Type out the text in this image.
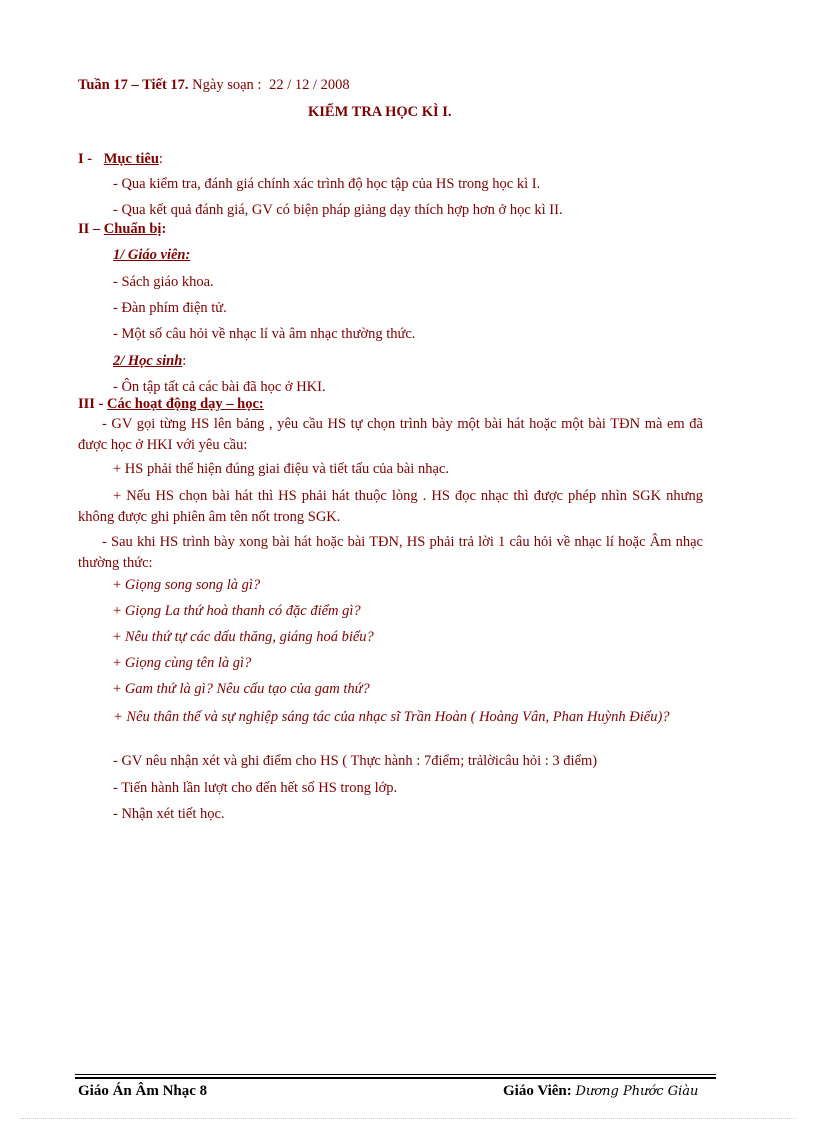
Tuần 17 – Tiết 17. Ngày soạn : 22 / 12 / 2008
KIỂM TRA HỌC KÌ I.
I - Mục tiêu:
- Qua kiểm tra, đánh giá chính xác trình độ học tập của HS trong học kì I.
- Qua kết quả đánh giá, GV có biện pháp giảng dạy thích hợp hơn ở học kì II.
II – Chuẩn bị:
1/ Giáo viên:
- Sách giáo khoa.
- Đàn phím điện tử.
- Một số câu hỏi về nhạc lí và âm nhạc thường thức.
2/ Học sinh:
- Ôn tập tất cả các bài đã học ở HKI.
III - Các hoạt động dạy – học:
- GV gọi từng HS lên bảng , yêu cầu HS tự chọn trình bày một bài hát hoặc một bài TĐN mà em đã được học ở HKI với yêu cầu:
+ HS phải thể hiện đúng giai điệu và tiết tấu của bài nhạc.
+ Nếu HS chọn bài hát thì HS phải hát thuộc lòng . HS đọc nhạc thì được phép nhìn SGK nhưng không được ghi phiên âm tên nốt trong SGK.
- Sau khi HS trình bày xong bài hát hoặc bài TĐN, HS phải trả lời 1 câu hỏi về nhạc lí hoặc Âm nhạc thường thức:
+ Giọng song song là gì?
+ Giọng La thứ hoà thanh có đặc điểm gì?
+ Nêu thứ tự các dấu thăng, giáng hoá biểu?
+ Giọng cùng tên là gì?
+ Gam thứ là gì? Nêu cấu tạo của gam thứ?
+ Nêu thân thế và sự nghiệp sáng tác của nhạc sĩ Trần Hoàn ( Hoàng Vân, Phan Huỳnh Điểu)?
- GV nêu nhận xét và ghi điểm cho HS ( Thực hành : 7điểm; trảlờicâu hỏi : 3 điểm)
- Tiến hành lần lượt cho đến hết số HS trong lớp.
- Nhận xét tiết học.
Giáo Án Âm Nhạc 8	Giáo Viên: Dương Phước Giàu
